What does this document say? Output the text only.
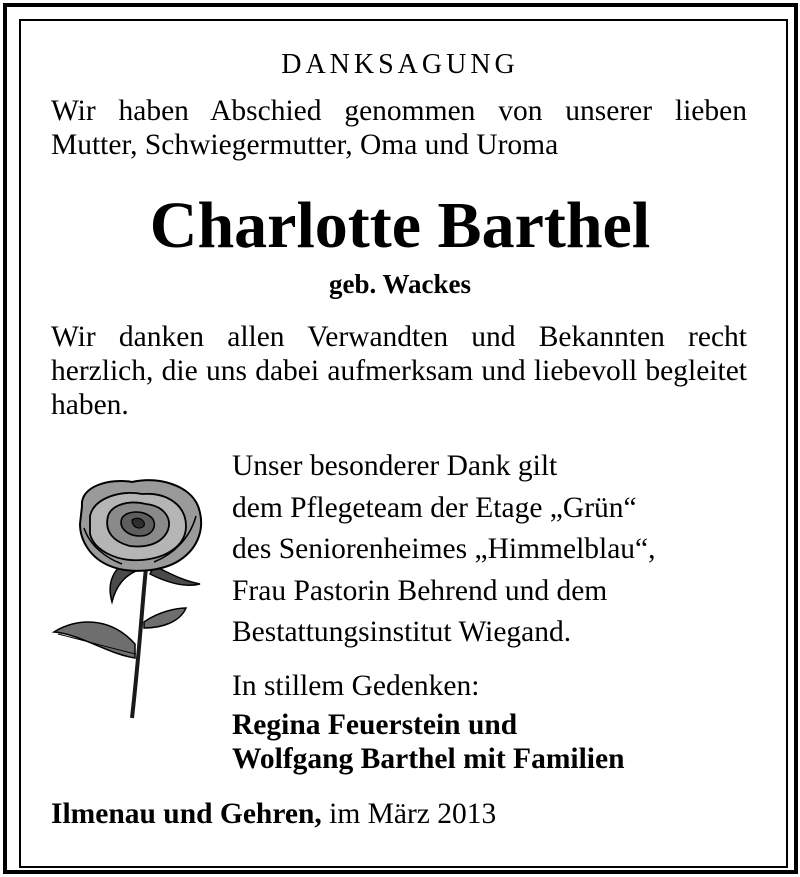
DANKSAGUNG
Wir haben Abschied genommen von unserer lieben Mutter, Schwiegermutter, Oma und Uroma
Charlotte Barthel
geb. Wackes
Wir danken allen Verwandten und Bekannten recht herzlich, die uns dabei aufmerksam und liebevoll begleitet haben.
Unser besonderer Dank gilt
dem Pflegeteam der Etage „Grün“
des Seniorenheimes „Himmelblau“,
Frau Pastorin Behrend und dem
Bestattungsinstitut Wiegand.
In stillem Gedenken:
Regina Feuerstein und
Wolfgang Barthel mit Familien
Ilmenau und Gehren, im März 2013
